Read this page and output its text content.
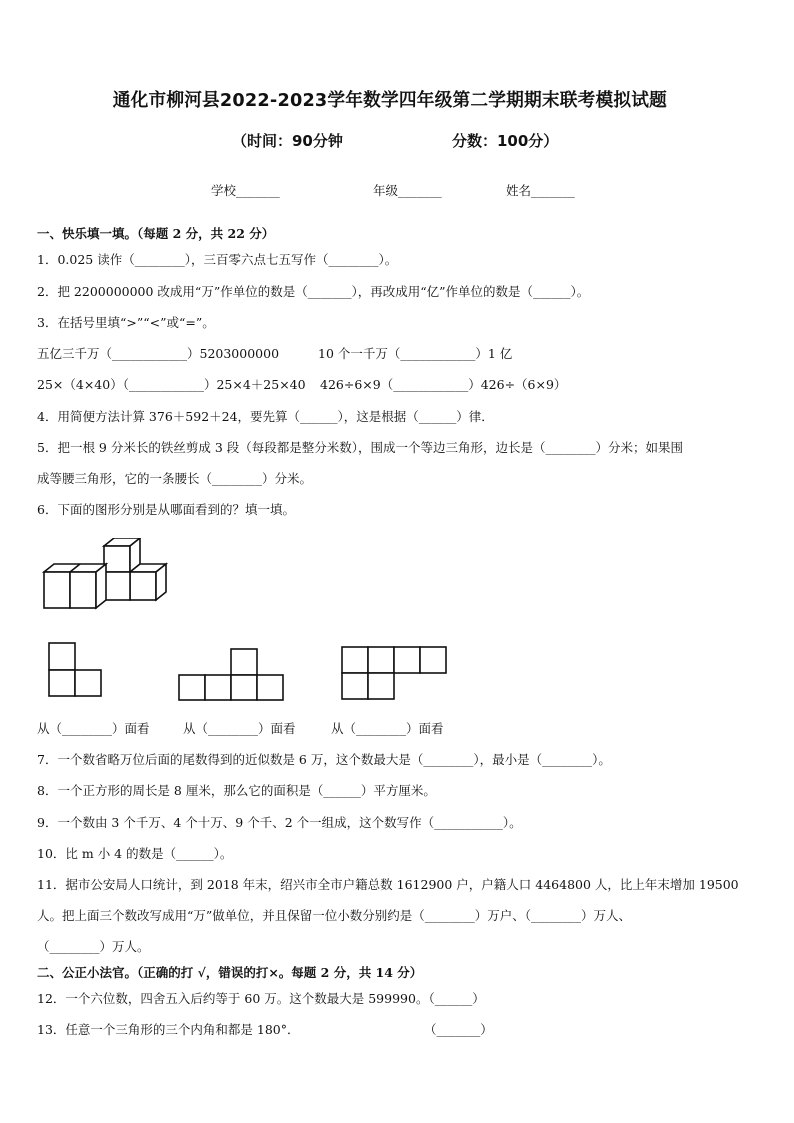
通化市柳河县2022-2023学年数学四年级第二学期期末联考模拟试题
（时间：90分钟	分数：100分）
学校_______	年级_______	姓名_______
一、快乐填一填。（每题 2 分，共 22 分）
1．0.025 读作（________），三百零六点七五写作（________）。
2．把 2200000000 改成用“万”作单位的数是（_______），再改成用“亿”作单位的数是（______）。
3．在括号里填“>”“<”或“=”。
五亿三千万（____________）5203000000	10 个一千万（____________）1 亿
25×（4×40）（____________）25×4＋25×40 426÷6×9（____________）426÷（6×9）
4．用简便方法计算 376＋592＋24，要先算（______），这是根据（______）律．
5．把一根 9 分米长的铁丝剪成 3 段（每段都是整分米数），围成一个等边三角形，边长是（________）分米；如果围
成等腰三角形，它的一条腰长（________）分米。
6．下面的图形分别是从哪面看到的？填一填。
从（________）面看	从（________）面看	从（________）面看
7．一个数省略万位后面的尾数得到的近似数是 6 万，这个数最大是（________），最小是（________）。
8．一个正方形的周长是 8 厘米，那么它的面积是（______）平方厘米。
9．一个数由 3 个千万、4 个十万、9 个千、2 个一组成，这个数写作（___________）。
10．比 m 小 4 的数是（______）。
11．据市公安局人口统计，到 2018 年末，绍兴市全市户籍总数 1612900 户，户籍人口 4464800 人，比上年末增加 19500
人。把上面三个数改写成用“万”做单位，并且保留一位小数分别约是（________）万户、（________）万人、
（________）万人。
二、公正小法官。（正确的打 √，错误的打×。每题 2 分，共 14 分）
12．一个六位数，四舍五入后约等于 60 万。这个数最大是 599990。（______）
13．任意一个三角形的三个内角和都是 180°．	（_______）
